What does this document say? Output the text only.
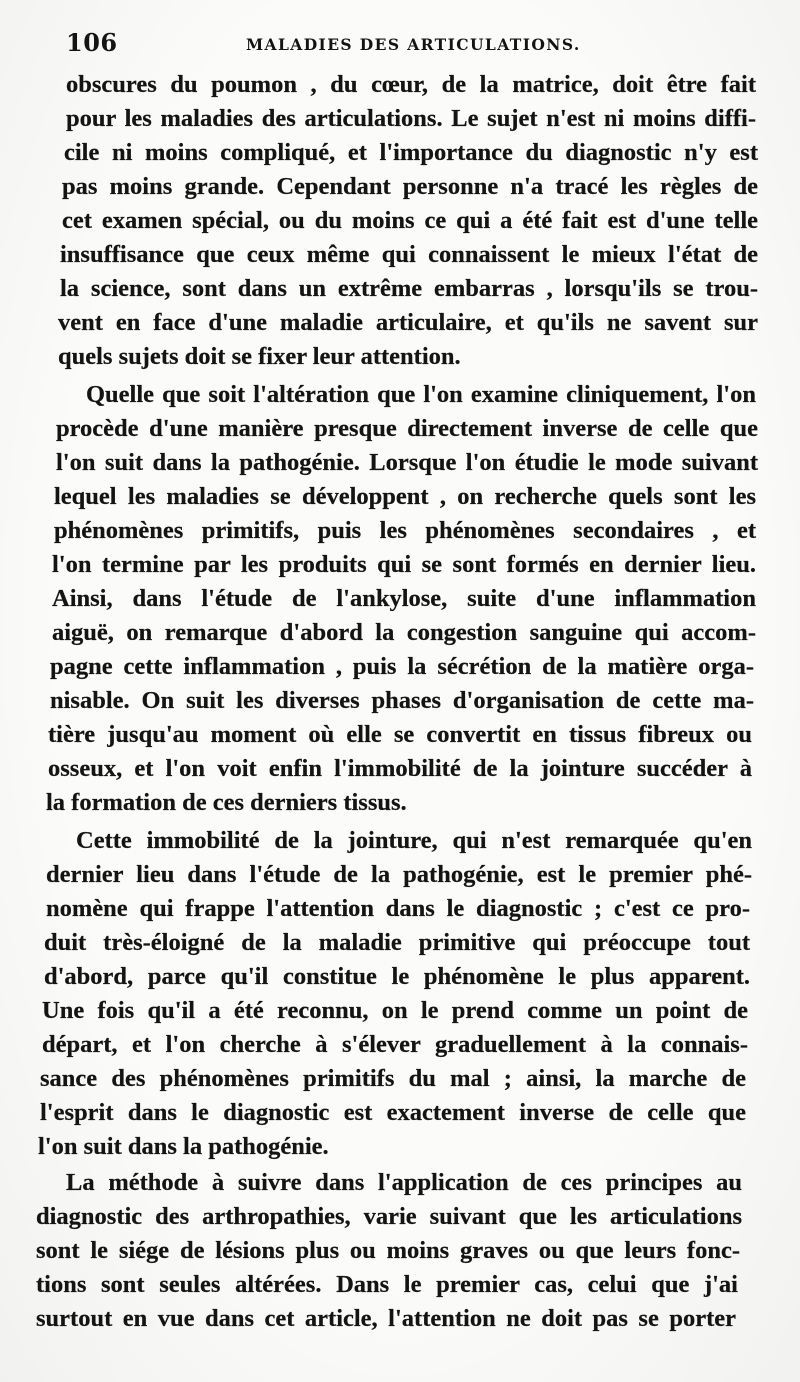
106	MALADIES DES ARTICULATIONS.
obscures du poumon , du cœur, de la matrice, doit être fait
pour les maladies des articulations. Le sujet n'est ni moins diffi-
cile ni moins compliqué, et l'importance du diagnostic n'y est
pas moins grande. Cependant personne n'a tracé les règles de
cet examen spécial, ou du moins ce qui a été fait est d'une telle
insuffisance que ceux même qui connaissent le mieux l'état de
la science, sont dans un extrême embarras , lorsqu'ils se trou-
vent en face d'une maladie articulaire, et qu'ils ne savent sur
quels sujets doit se fixer leur attention.
Quelle que soit l'altération que l'on examine cliniquement, l'on
procède d'une manière presque directement inverse de celle que
l'on suit dans la pathogénie. Lorsque l'on étudie le mode suivant
lequel les maladies se développent , on recherche quels sont les
phénomènes primitifs, puis les phénomènes secondaires , et
l'on termine par les produits qui se sont formés en dernier lieu.
Ainsi, dans l'étude de l'ankylose, suite d'une inflammation
aiguë, on remarque d'abord la congestion sanguine qui accom-
pagne cette inflammation , puis la sécrétion de la matière orga-
nisable. On suit les diverses phases d'organisation de cette ma-
tière jusqu'au moment où elle se convertit en tissus fibreux ou
osseux, et l'on voit enfin l'immobilité de la jointure succéder à
la formation de ces derniers tissus.
Cette immobilité de la jointure, qui n'est remarquée qu'en
dernier lieu dans l'étude de la pathogénie, est le premier phé-
nomène qui frappe l'attention dans le diagnostic ; c'est ce pro-
duit très-éloigné de la maladie primitive qui préoccupe tout
d'abord, parce qu'il constitue le phénomène le plus apparent.
Une fois qu'il a été reconnu, on le prend comme un point de
départ, et l'on cherche à s'élever graduellement à la connais-
sance des phénomènes primitifs du mal ; ainsi, la marche de
l'esprit dans le diagnostic est exactement inverse de celle que
l'on suit dans la pathogénie.
La méthode à suivre dans l'application de ces principes au
diagnostic des arthropathies, varie suivant que les articulations
sont le siége de lésions plus ou moins graves ou que leurs fonc-
tions sont seules altérées. Dans le premier cas, celui que j'ai
surtout en vue dans cet article, l'attention ne doit pas se porter
